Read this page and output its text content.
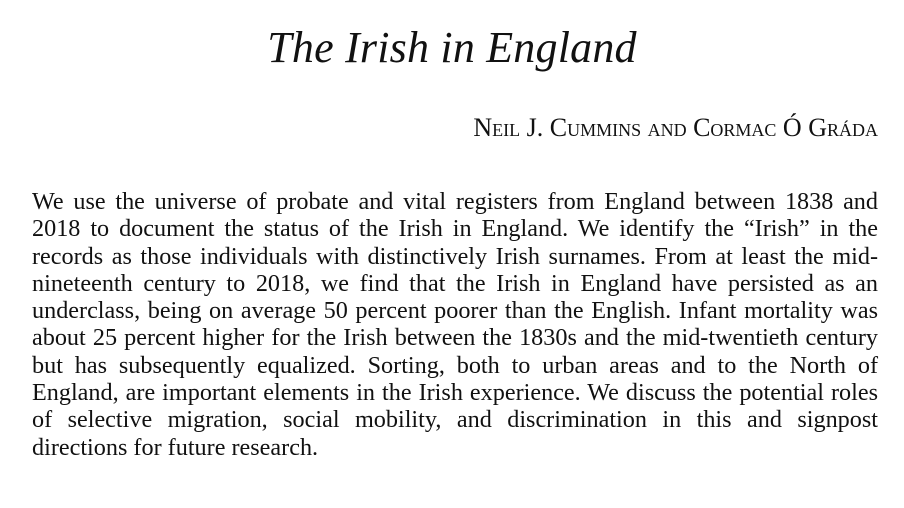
The Irish in England
Neil J. Cummins and Cormac Ó Gráda

We use the universe of probate and vital registers from England between 1838 and 2018 to document the status of the Irish in England. We identify the “Irish” in the records as those individuals with distinctively Irish surnames. From at least the mid-nineteenth century to 2018, we find that the Irish in England have persisted as an underclass, being on average 50 percent poorer than the English. Infant mortality was about 25 percent higher for the Irish between the 1830s and the mid-twentieth century but has subsequently equalized. Sorting, both to urban areas and to the North of England, are important elements in the Irish experience. We discuss the potential roles of selective migration, social mobility, and discrimination in this and signpost directions for future research.
